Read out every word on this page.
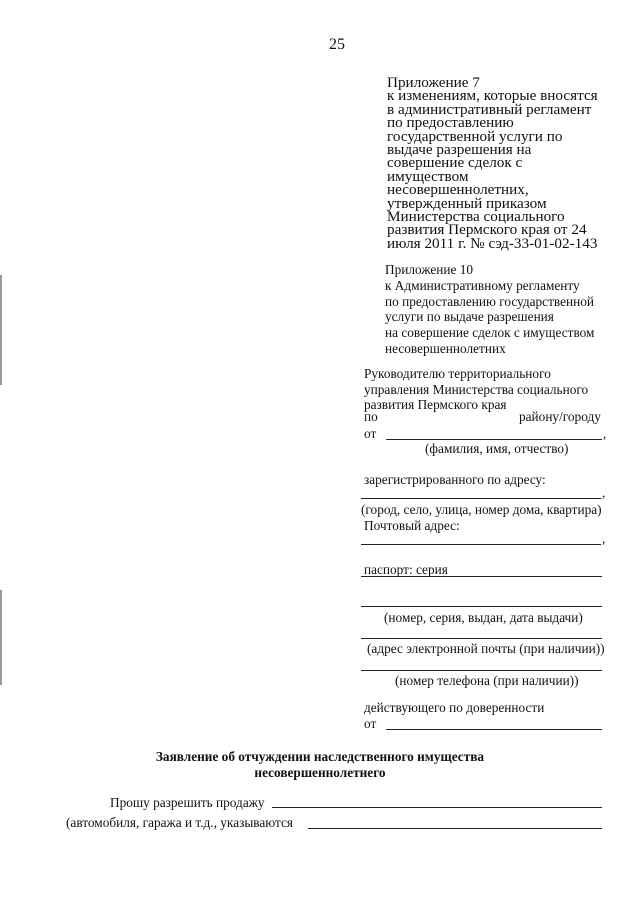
25
Приложение 7
к изменениям, которые вносятся
в административный регламент
по предоставлению
государственной услуги по
выдаче разрешения на
совершение сделок с
имуществом
несовершеннолетних,
утвержденный приказом
Министерства социального
развития Пермского края от 24
июля 2011 г. № сэд-33-01-02-143
Приложение 10
к Административному регламенту
по предоставлению государственной
услуги по выдаче разрешения
на совершение сделок с имуществом
несовершеннолетних
Руководителю территориального
управления Министерства социального
развития Пермского края
по	району/городу
от	,
(фамилия, имя, отчество)
зарегистрированного по адресу:
,
(город, село, улица, номер дома, квартира)
Почтовый адрес:
,
паспорт: серия
(номер, серия, выдан, дата выдачи)
(адрес электронной почты (при наличии))
(номер телефона (при наличии))
действующего по доверенности
от
Заявление об отчуждении наследственного имущества
несовершеннолетнего
Прошу разрешить продажу
(автомобиля, гаража и т.д., указываются
